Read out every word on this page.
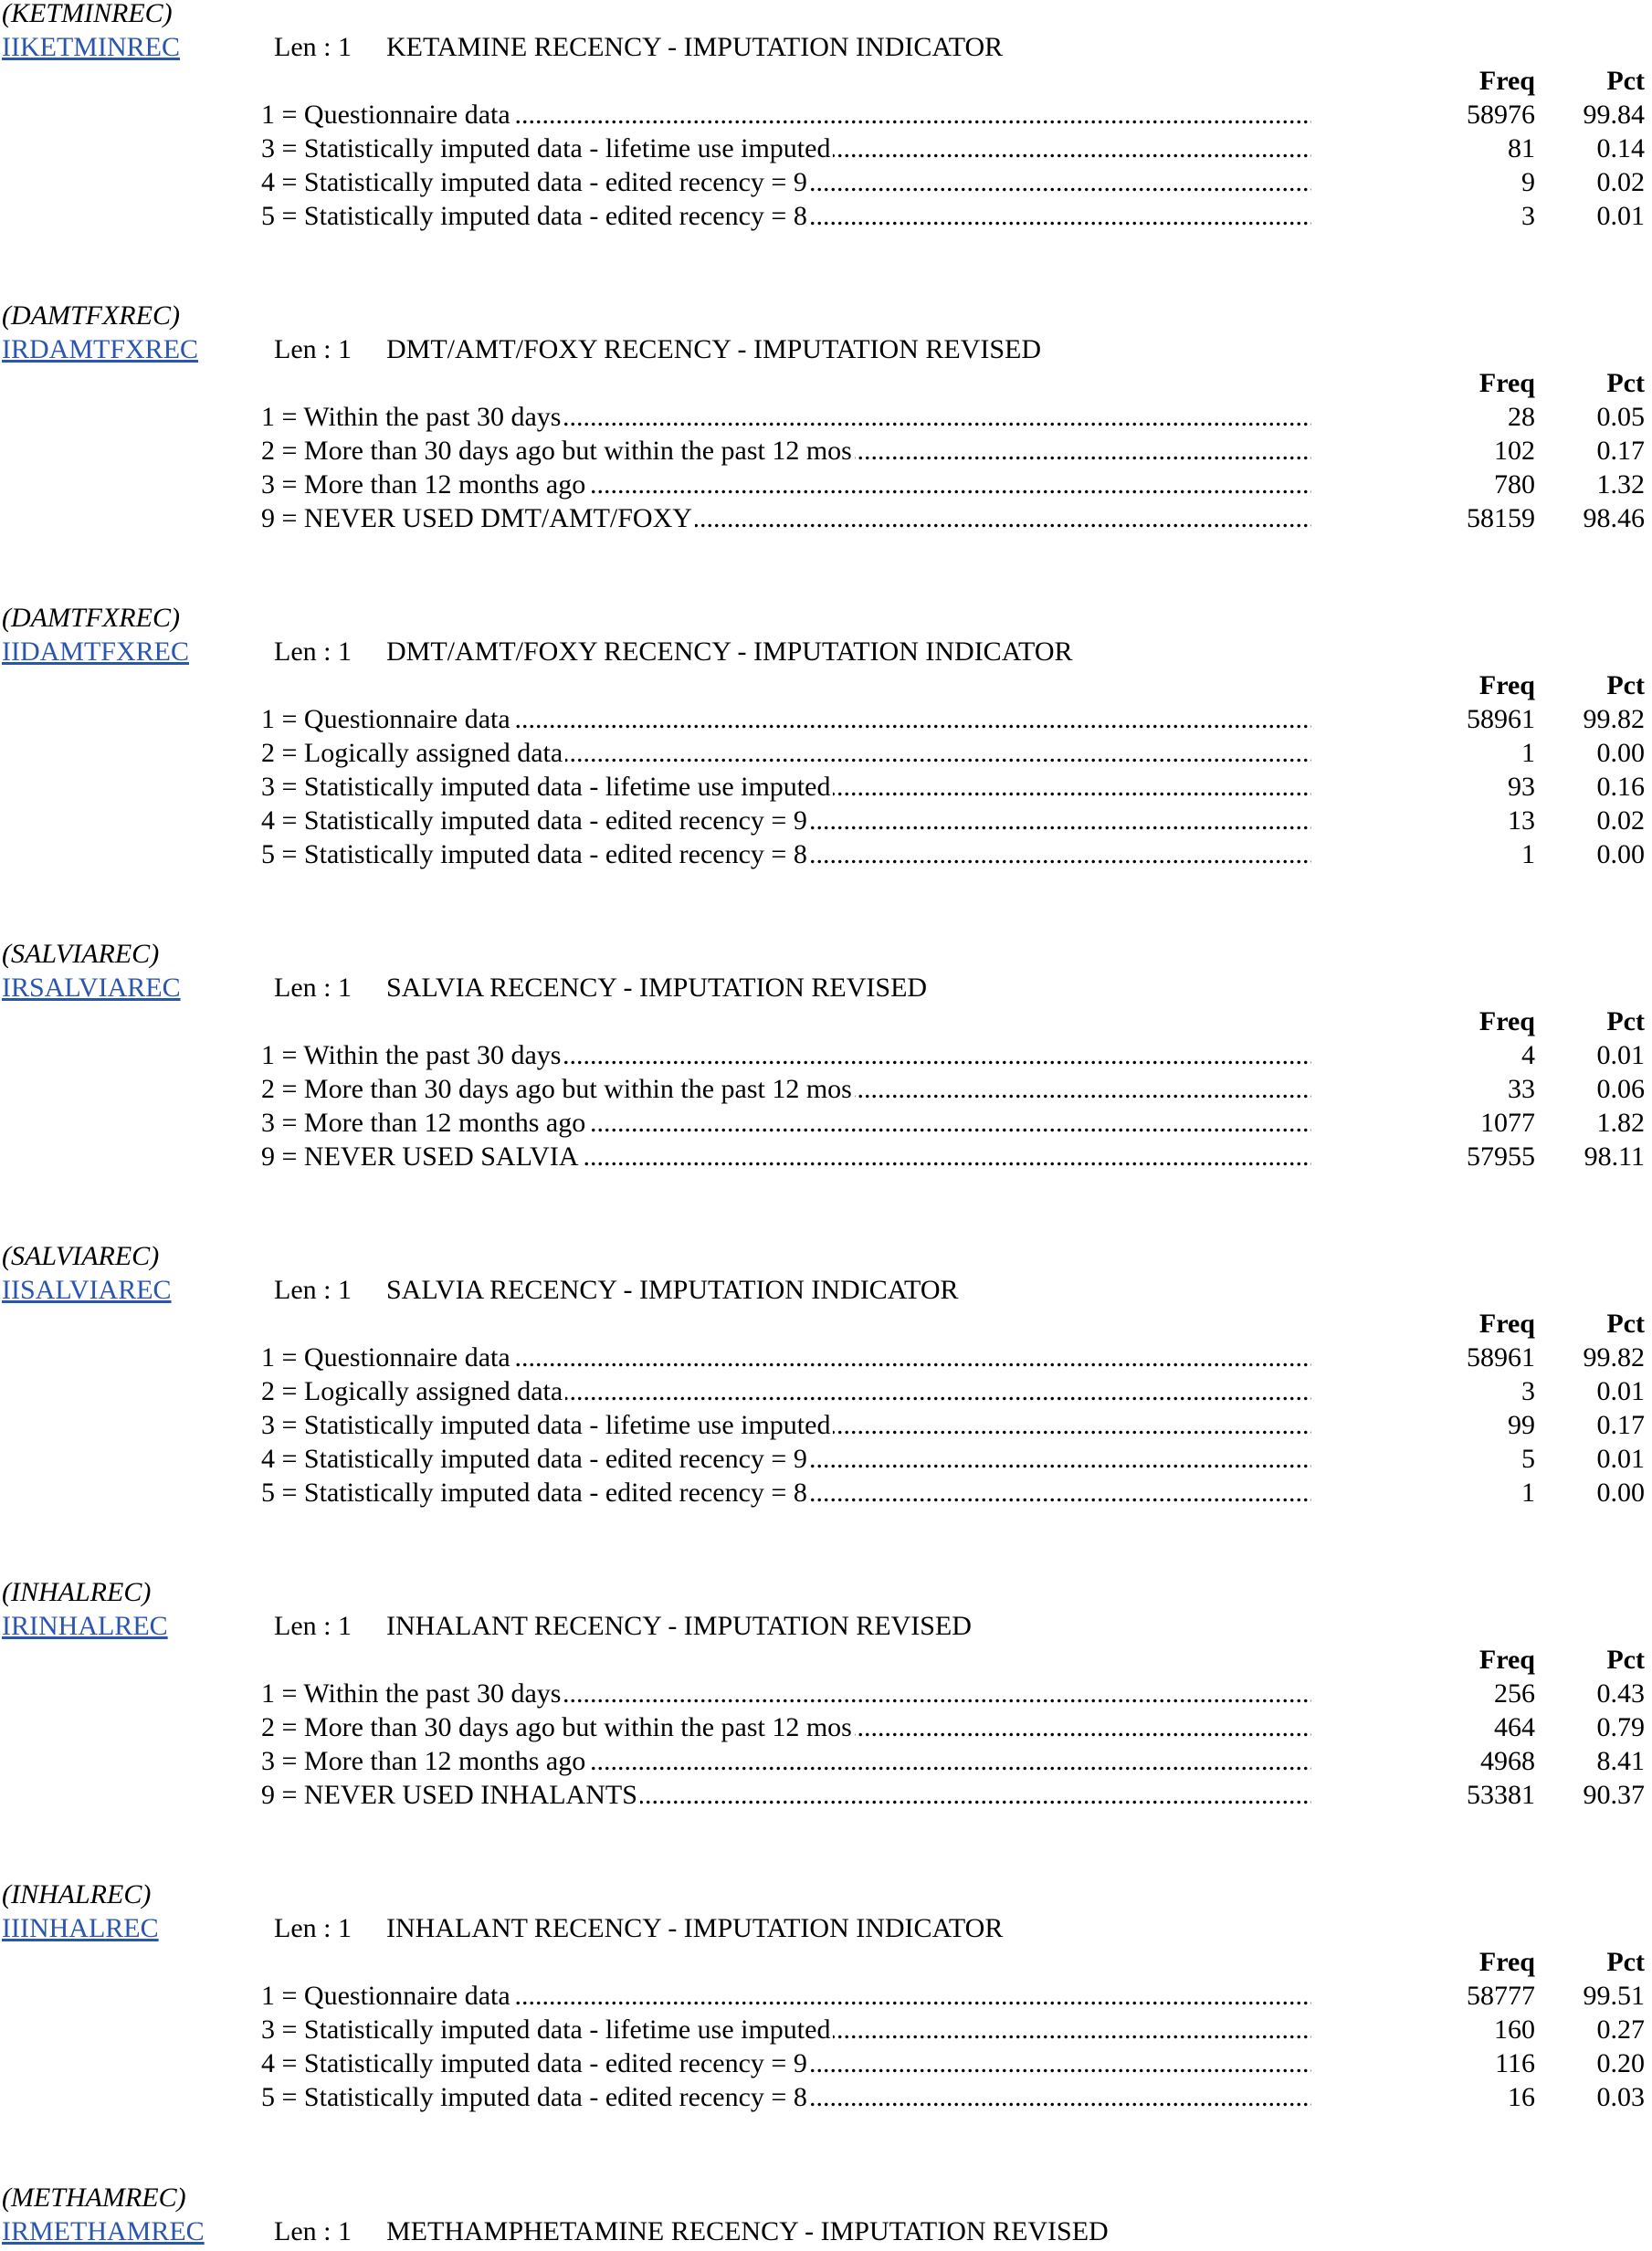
(KETMINREC)
IIKETMINREC	Len : 1 KETAMINE RECENCY - IMPUTATION INDICATOR
Freq	Pct
1 = Questionnaire data .....	58976 99.84
3 = Statistically imputed data - lifetime use imputed .....	81 0.14
4 = Statistically imputed data - edited recency = 9 .....	9 0.02
5 = Statistically imputed data - edited recency = 8 .....	3 0.01
(DAMTFXREC)
IRDAMTFXREC	Len : 1 DMT/AMT/FOXY RECENCY - IMPUTATION REVISED
Freq	Pct
1 = Within the past 30 days .....	28 0.05
2 = More than 30 days ago but within the past 12 mos .....	102 0.17
3 = More than 12 months ago .....	780 1.32
9 = NEVER USED DMT/AMT/FOXY .....	58159 98.46
(DAMTFXREC)
IIDAMTFXREC	Len : 1 DMT/AMT/FOXY RECENCY - IMPUTATION INDICATOR
Freq	Pct
1 = Questionnaire data .....	58961 99.82
2 = Logically assigned data .....	1 0.00
3 = Statistically imputed data - lifetime use imputed .....	93 0.16
4 = Statistically imputed data - edited recency = 9 .....	13 0.02
5 = Statistically imputed data - edited recency = 8 .....	1 0.00
(SALVIAREC)
IRSALVIAREC	Len : 1 SALVIA RECENCY - IMPUTATION REVISED
Freq	Pct
1 = Within the past 30 days .....	4 0.01
2 = More than 30 days ago but within the past 12 mos .....	33 0.06
3 = More than 12 months ago .....	1077 1.82
9 = NEVER USED SALVIA .....	57955 98.11
(SALVIAREC)
IISALVIAREC	Len : 1 SALVIA RECENCY - IMPUTATION INDICATOR
Freq	Pct
1 = Questionnaire data .....	58961 99.82
2 = Logically assigned data .....	3 0.01
3 = Statistically imputed data - lifetime use imputed .....	99 0.17
4 = Statistically imputed data - edited recency = 9 .....	5 0.01
5 = Statistically imputed data - edited recency = 8 .....	1 0.00
(INHALREC)
IRINHALREC	Len : 1 INHALANT RECENCY - IMPUTATION REVISED
Freq	Pct
1 = Within the past 30 days .....	256 0.43
2 = More than 30 days ago but within the past 12 mos .....	464 0.79
3 = More than 12 months ago .....	4968 8.41
9 = NEVER USED INHALANTS .....	53381 90.37
(INHALREC)
IIINHALREC	Len : 1 INHALANT RECENCY - IMPUTATION INDICATOR
Freq	Pct
1 = Questionnaire data .....	58777 99.51
3 = Statistically imputed data - lifetime use imputed .....	160 0.27
4 = Statistically imputed data - edited recency = 9 .....	116 0.20
5 = Statistically imputed data - edited recency = 8 .....	16 0.03
(METHAMREC)
IRMETHAMREC	Len : 1 METHAMPHETAMINE RECENCY - IMPUTATION REVISED
